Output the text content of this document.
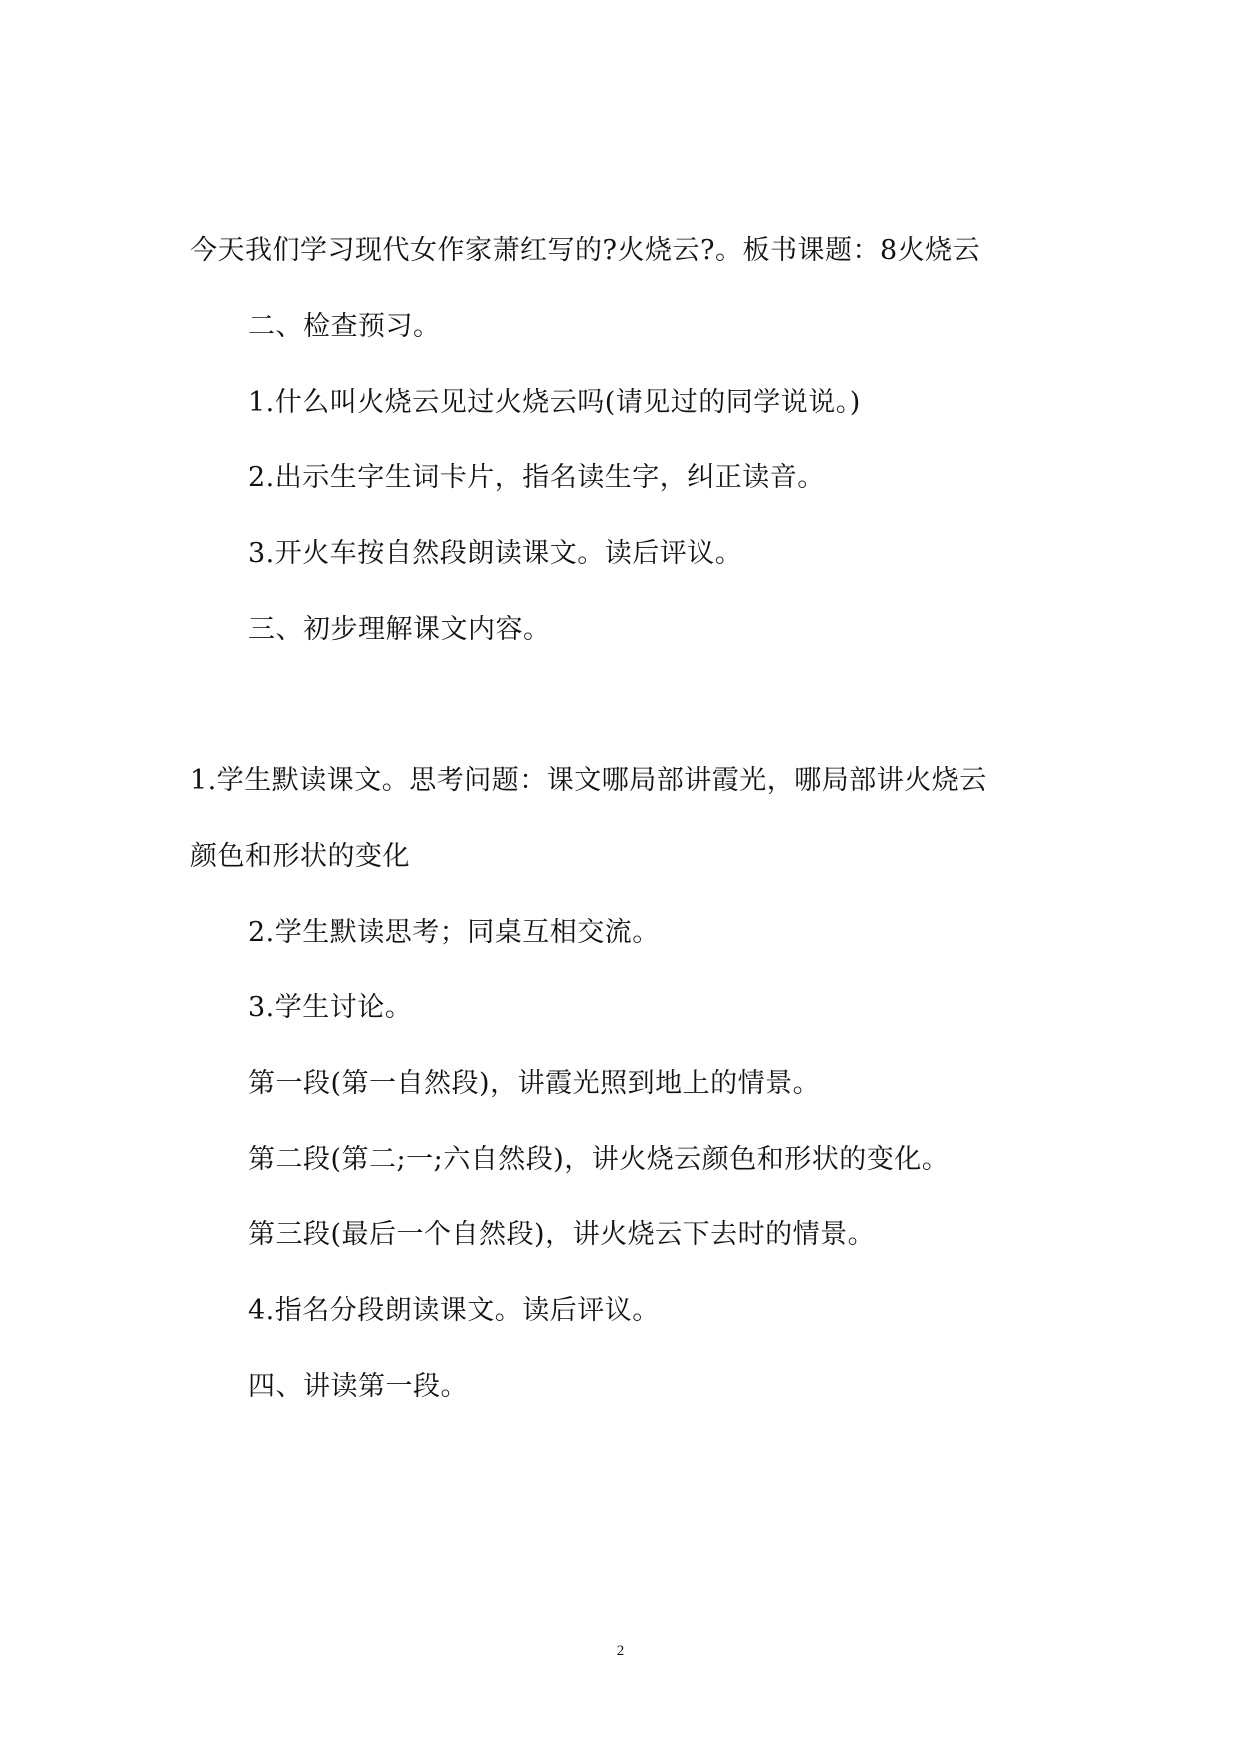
今天我们学习现代女作家萧红写的?火烧云?。板书课题：8火烧云

二、检查预习。

1.什么叫火烧云见过火烧云吗(请见过的同学说说。)

2.出示生字生词卡片，指名读生字，纠正读音。

3.开火车按自然段朗读课文。读后评议。

三、初步理解课文内容。

1.学生默读课文。思考问题：课文哪局部讲霞光，哪局部讲火烧云

颜色和形状的变化

2.学生默读思考；同桌互相交流。

3.学生讨论。

第一段(第一自然段)，讲霞光照到地上的情景。

第二段(第二;一;六自然段)，讲火烧云颜色和形状的变化。

第三段(最后一个自然段)，讲火烧云下去时的情景。

4.指名分段朗读课文。读后评议。

四、讲读第一段。

2
